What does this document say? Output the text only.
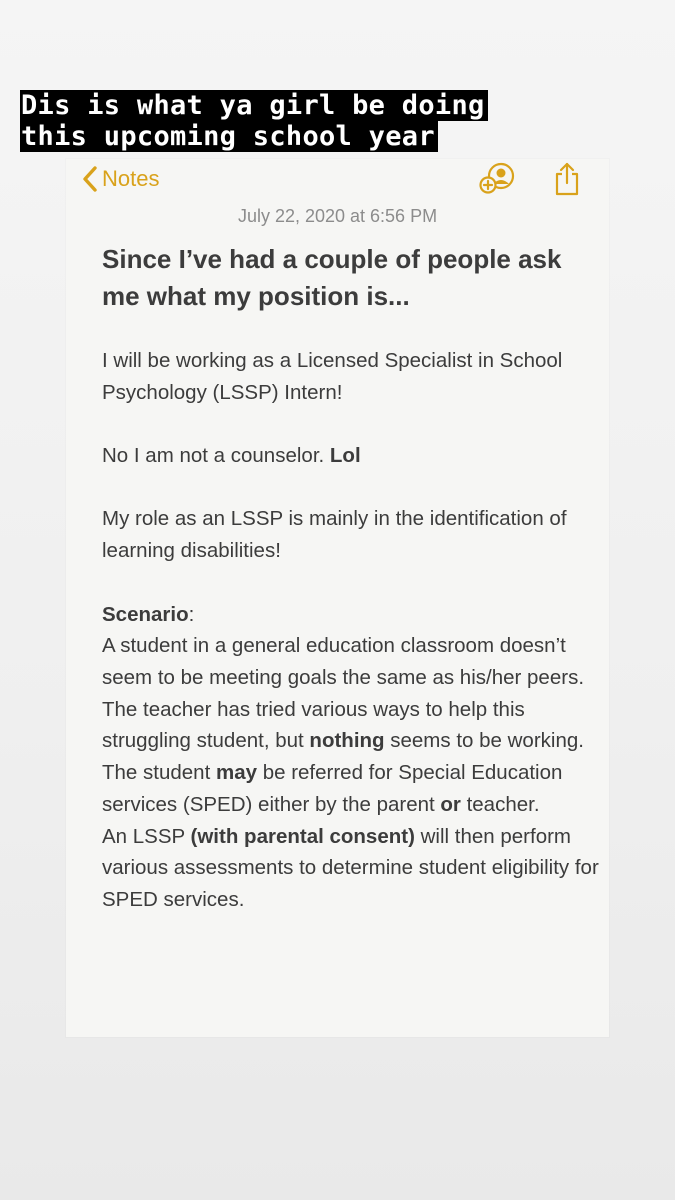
Dis is what ya girl be doing
this upcoming school year
Notes
July 22, 2020 at 6:56 PM
Since I’ve had a couple of people ask me what my position is...

I will be working as a Licensed Specialist in School Psychology (LSSP) Intern!

No I am not a counselor. Lol

My role as an LSSP is mainly in the identification of learning disabilities!

Scenario:

A student in a general education classroom doesn’t seem to be meeting goals the same as his/her peers.

The teacher has tried various ways to help this struggling student, but nothing seems to be working.

The student may be referred for Special Education services (SPED) either by the parent or teacher.

An LSSP (with parental consent) will then perform various assessments to determine student eligibility for SPED services.
